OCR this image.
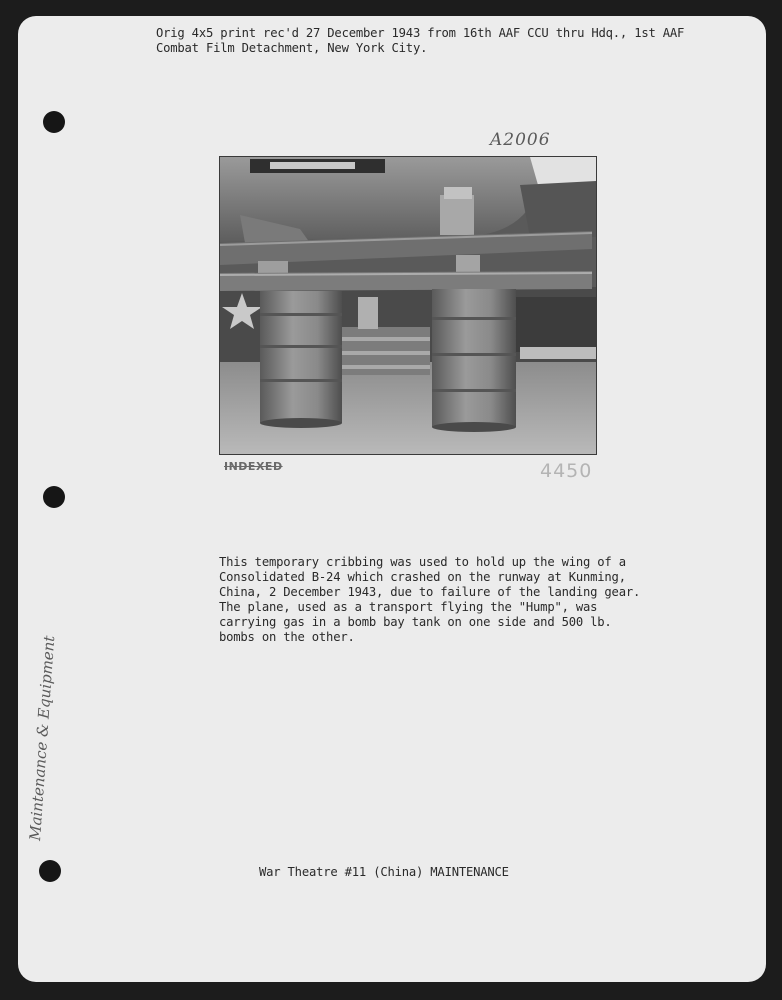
Orig 4x5 print rec'd 27 December 1943 from 16th AAF CCU thru Hdq., 1st AAF
Combat Film Detachment, New York City.
A2006
INDEXED	4450
Maintenance & Equipment
This temporary cribbing was used to hold up the wing of a
Consolidated B-24 which crashed on the runway at Kunming,
China, 2 December 1943, due to failure of the landing gear.
The plane, used as a transport flying the "Hump", was
carrying gas in a bomb bay tank on one side and 500 lb.
bombs on the other.
War Theatre #11 (China) MAINTENANCE
